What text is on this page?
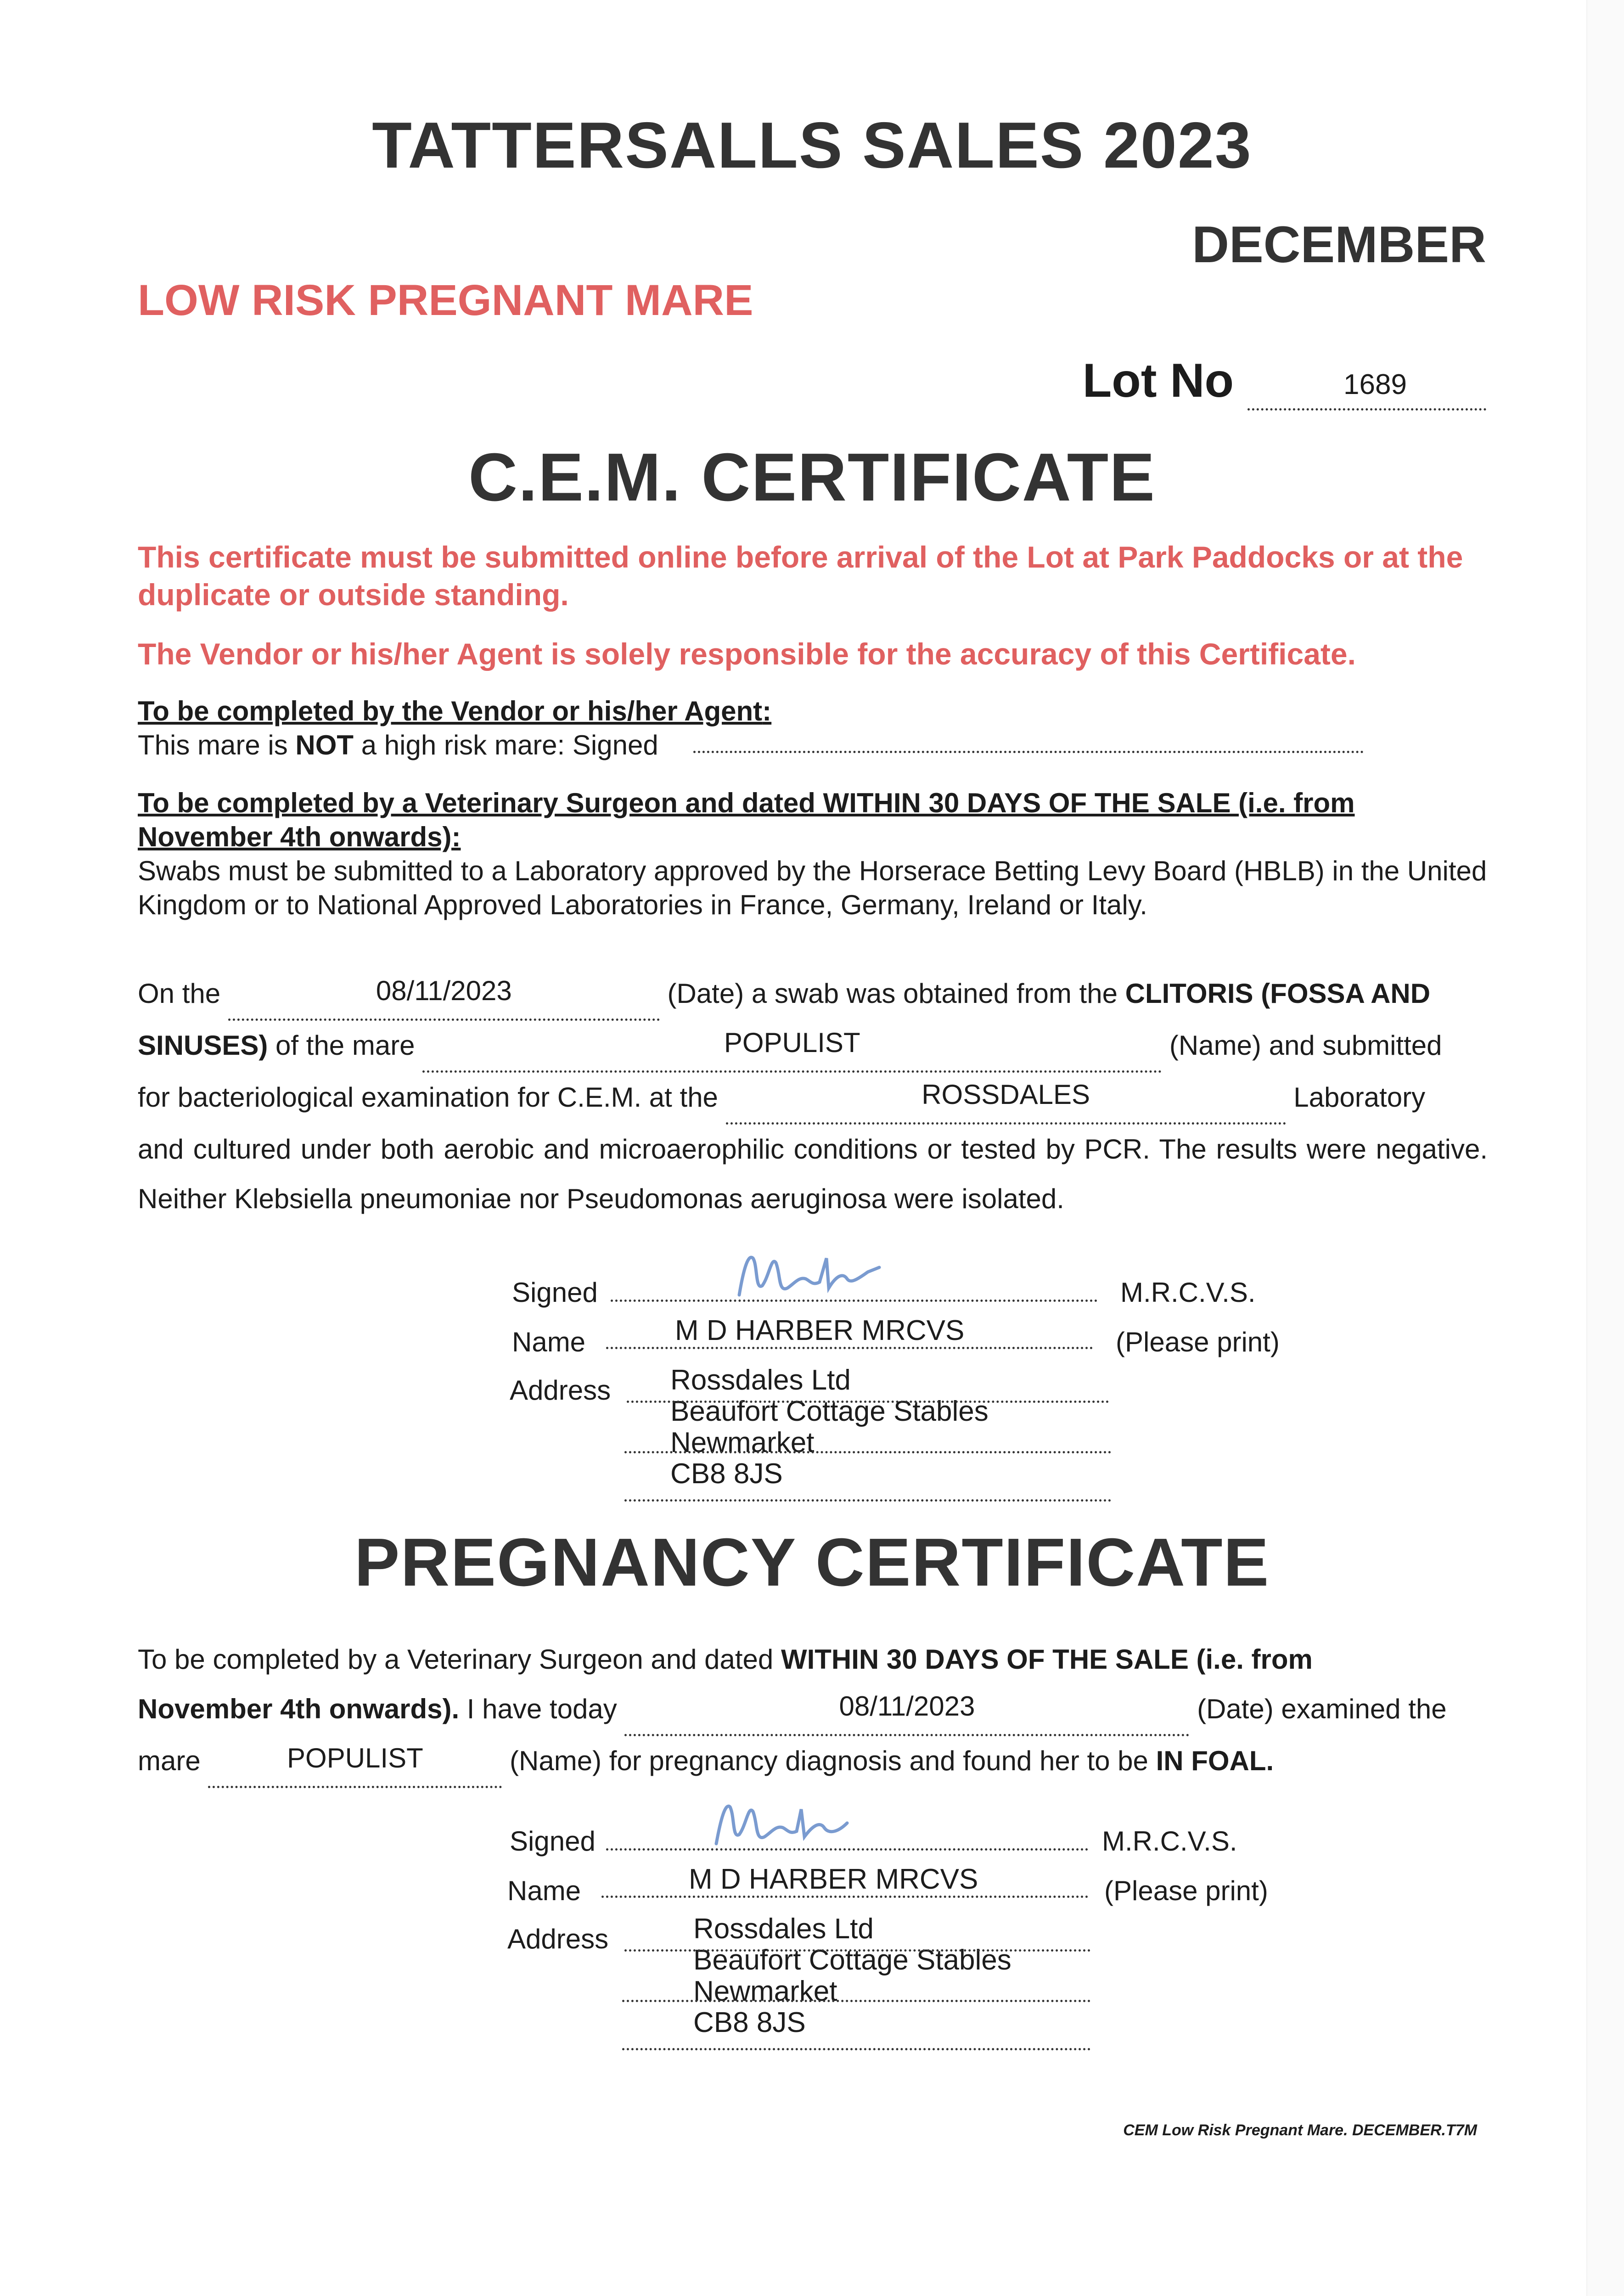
TATTERSALLS SALES 2023
DECEMBER
LOW RISK PREGNANT MARE
Lot No	1689
C.E.M. CERTIFICATE
This certificate must be submitted online before arrival of the Lot at Park Paddocks or at the duplicate or outside standing.
The Vendor or his/her Agent is solely responsible for the accuracy of this Certificate.
To be completed by the Vendor or his/her Agent:
This mare is NOT a high risk mare: Signed
To be completed by a Veterinary Surgeon and dated WITHIN 30 DAYS OF THE SALE (i.e. from November 4th onwards):
Swabs must be submitted to a Laboratory approved by the Horserace Betting Levy Board (HBLB) in the United Kingdom or to National Approved Laboratories in France, Germany, Ireland or Italy.
On the	08/11/2023	(Date) a swab was obtained from the CLITORIS (FOSSA AND
SINUSES) of the mare	POPULIST	(Name) and submitted
for bacteriological examination for C.E.M. at the	ROSSDALES	Laboratory
and cultured under both aerobic and microaerophilic conditions or tested by PCR. The results were negative. Neither Klebsiella pneumoniae nor Pseudomonas aeruginosa were isolated.
Signed	M.R.C.V.S.
Name	M D HARBER MRCVS	(Please print)
Address Rossdales Ltd
Beaufort Cottage Stables
Newmarket
CB8 8JS
PREGNANCY CERTIFICATE
To be completed by a Veterinary Surgeon and dated WITHIN 30 DAYS OF THE SALE (i.e. from
November 4th onwards). I have today	08/11/2023	(Date) examined the
mare	POPULIST	(Name) for pregnancy diagnosis and found her to be IN FOAL.
Signed	M.R.C.V.S.
Name	M D HARBER MRCVS	(Please print)
Address	Rossdales Ltd
Beaufort Cottage Stables
Newmarket
CB8 8JS
CEM Low Risk Pregnant Mare. DECEMBER.T7M
